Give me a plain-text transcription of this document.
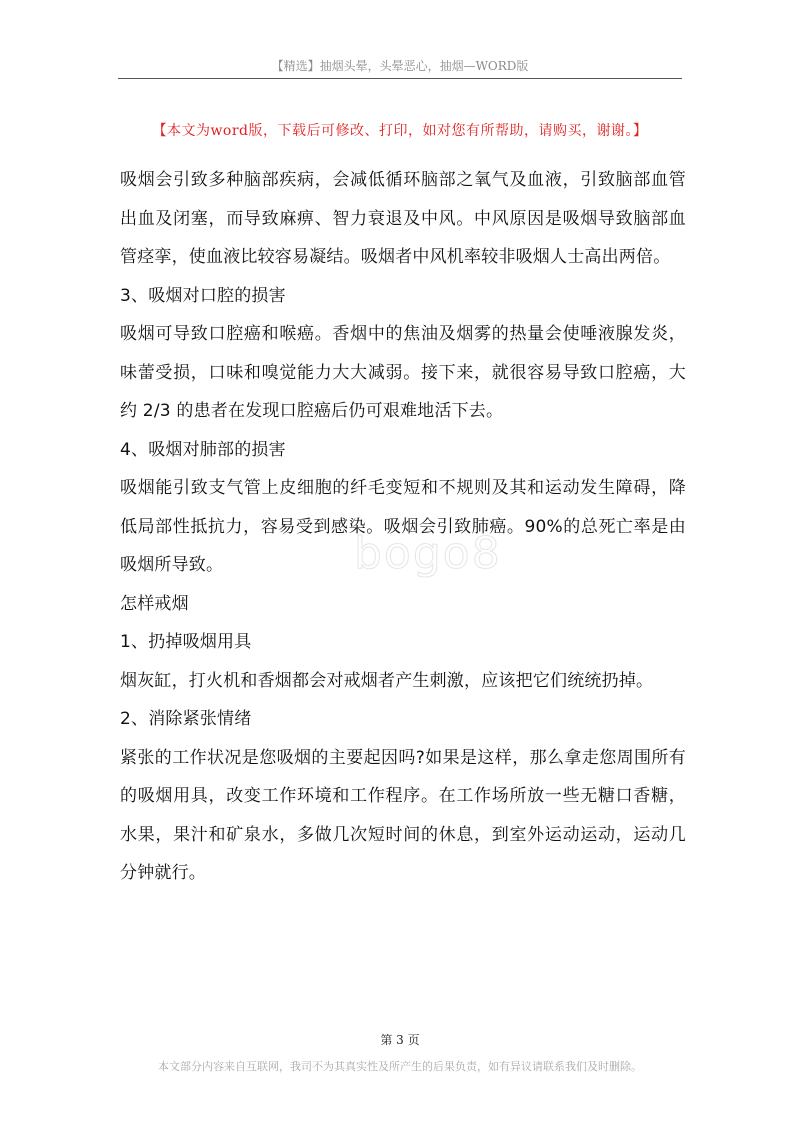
【精选】抽烟头晕，头晕恶心，抽烟—WORD版
【本文为word版，下载后可修改、打印，如对您有所帮助，请购买，谢谢。】
bogo8

吸烟会引致多种脑部疾病，会减低循环脑部之氧气及血液，引致脑部血管出血及闭塞，而导致麻痹、智力衰退及中风。中风原因是吸烟导致脑部血管痉挛，使血液比较容易凝结。吸烟者中风机率较非吸烟人士高出两倍。

3、吸烟对口腔的损害

吸烟可导致口腔癌和喉癌。香烟中的焦油及烟雾的热量会使唾液腺发炎，味蕾受损，口味和嗅觉能力大大减弱。接下来，就很容易导致口腔癌，大约 2/3 的患者在发现口腔癌后仍可艰难地活下去。

4、吸烟对肺部的损害

吸烟能引致支气管上皮细胞的纤毛变短和不规则及其和运动发生障碍，降低局部性抵抗力，容易受到感染。吸烟会引致肺癌。90%的总死亡率是由吸烟所导致。

怎样戒烟

1、扔掉吸烟用具

烟灰缸，打火机和香烟都会对戒烟者产生刺激，应该把它们统统扔掉。

2、消除紧张情绪

紧张的工作状况是您吸烟的主要起因吗?如果是这样，那么拿走您周围所有的吸烟用具，改变工作环境和工作程序。在工作场所放一些无糖口香糖，水果，果汁和矿泉水，多做几次短时间的休息，到室外运动运动，运动几分钟就行。

第 3 页
本文部分内容来自互联网，我司不为其真实性及所产生的后果负责，如有异议请联系我们及时删除。
